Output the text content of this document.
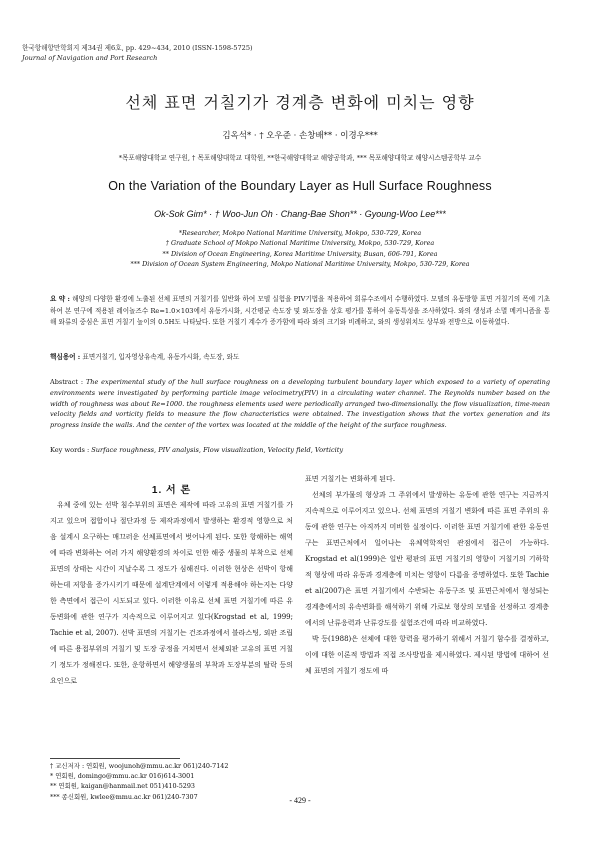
한국항해항만학회지 제34권 제6호, pp. 429~434, 2010 (ISSN-1598-5725)
Journal of Navigation and Port Research
선체 표면 거칠기가 경계층 변화에 미치는 영향
김옥석* · † 오우준 · 손창배** · 이경우***
*목포해양대학교 연구원, † 목포해양대학교 대학원, **한국해양대학교 해양공학과, *** 목포해양대학교 해양시스템공학부 교수
On the Variation of the Boundary Layer as Hull Surface Roughness
Ok-Sok Gim* · † Woo-Jun Oh · Chang-Bae Shon** · Gyoung-Woo Lee***
*Researcher, Mokpo National Maritime University, Mokpo, 530-729, Korea
† Graduate School of Mokpo National Maritime University, Mokpo, 530-729, Korea
** Division of Ocean Engineering, Korea Maritime University, Busan, 606-791, Korea
*** Division of Ocean System Engineering, Mokpo National Maritime University, Mokpo, 530-729, Korea
요 약 : 해양의 다양한 환경에 노출된 선체 표면의 거칠기를 일반화 하여 모델 실험을 PIV기법을 적용하여 회류수조에서 수행하였다. 모델의 유동방향 표면 거칠기의 폭에 기초하여 본 연구에 적용된 레이놀즈수 Re=1.0×103에서 유동가시화, 시간평균 속도장 및 와도장을 상호 평가를 통하여 유동특성을 조사하였다. 와의 생성과 소멸 메커니즘을 통해 와류의 중심은 표면 거칠기 높이의 0.5H도 나타났다. 또한 거칠기 계수가 증가함에 따라 와의 크기와 비례하고, 와의 생성위치도 상부와 전방으로 이동하였다.
핵심용어 : 표면거칠기, 입자영상유속계, 유동가시화, 속도장, 와도
Abstract : The experimental study of the hull surface roughness on a developing turbulent boundary layer which exposed to a variety of operating environments were investigated by performing particle image velocimetry(PIV) in a circulating water channel. The Reynolds number based on the width of roughness was about Re=1000. the roughness elements used were periodically arranged two-dimensionally. the flow visualization, time-mean velocity fields and vorticity fields to measure the flow characteristics were obtained. The investigation shows that the vortex generation and its progress inside the walls. And the center of the vortex was located at the middle of the height of the surface roughness.
Key words : Surface roughness, PIV analysis, Flow visualization, Velocity field, Vorticity
1. 서 론

유체 중에 있는 선박 침수부위의 표면은 제작에 따라 고유의 표면 거칠기를 가지고 있으며 접합이나 절단과정 등 제작과정에서 발생하는 환경적 영향으로 처음 설계시 요구하는 매끄러운 선체표면에서 벗어나게 된다. 또한 항해하는 해역에 따라 변화하는 여러 가지 해양환경의 차이로 인한 해중 생물의 부착으로 선체표면의 상태는 시간이 지날수록 그 정도가 심해진다. 이러한 현상은 선박이 항해하는데 저항을 증가시키기 때문에 설계단계에서 이렇게 적용해야 하는지는 다양한 측면에서 접근이 시도되고 있다. 이러한 이유로 선체 표면 거칠기에 따른 유동변화에 관한 연구가 지속적으로 이루어지고 있다(Krogstad et al, 1999; Tachie et al, 2007). 선박 표면의 거칠기는 건조과정에서 블라스팅, 외판 조립에 따른 용접부위의 거칠기 및 도장 공정을 거치면서 선체외판 고유의 표면 거칠기 정도가 정해진다. 또한, 운항하면서 해양생물의 부착과 도장부분의 탈락 등의 요인으로

표면 거칠기는 변화하게 된다.

선체의 부가물의 형상과 그 주위에서 발생하는 유동에 관한 연구는 지금까지 지속적으로 이루어지고 있으나. 선체 표면의 거칠기 변화에 따른 표면 주위의 유동에 관한 연구는 아직까지 미비한 실정이다. 이러한 표면 거칠기에 관한 유동연구는 표면근처에서 일어나는 유체역학적인 관점에서 접근이 가능하다. Krogstad et al(1999)은 일반 평판의 표면 거칠기의 영향이 거칠기의 기하학적 형상에 따라 유동과 경계층에 미치는 영향이 다름을 증명하였다. 또한 Tachie et al(2007)은 표면 거칠기에서 수반되는 유동구조 및 표면근처에서 형성되는 경계층에서의 유속변화를 해석하기 위해 가로보 형상의 모델을 선정하고 경계층에서의 난류응력과 난류강도를 실험조건에 따라 비교하였다.

박 등(1988)은 선체에 대한 항력을 평가하기 위해서 거칠기 함수를 결정하고, 이에 대한 이론적 방법과 직접 조사방법을 제시하였다. 제시된 방법에 대하여 선체 표면의 거칠기 정도에 따

† 교신저자 : 연회원, woojunoh@mmu.ac.kr 061)240-7142
* 연회원, domingo@mmu.ac.kr 016)614-3001
** 연회원, kaigan@hanmail.net 051)410-5293
*** 종신회원, kwlee@mmu.ac.kr 061)240-7307	- 429 -
